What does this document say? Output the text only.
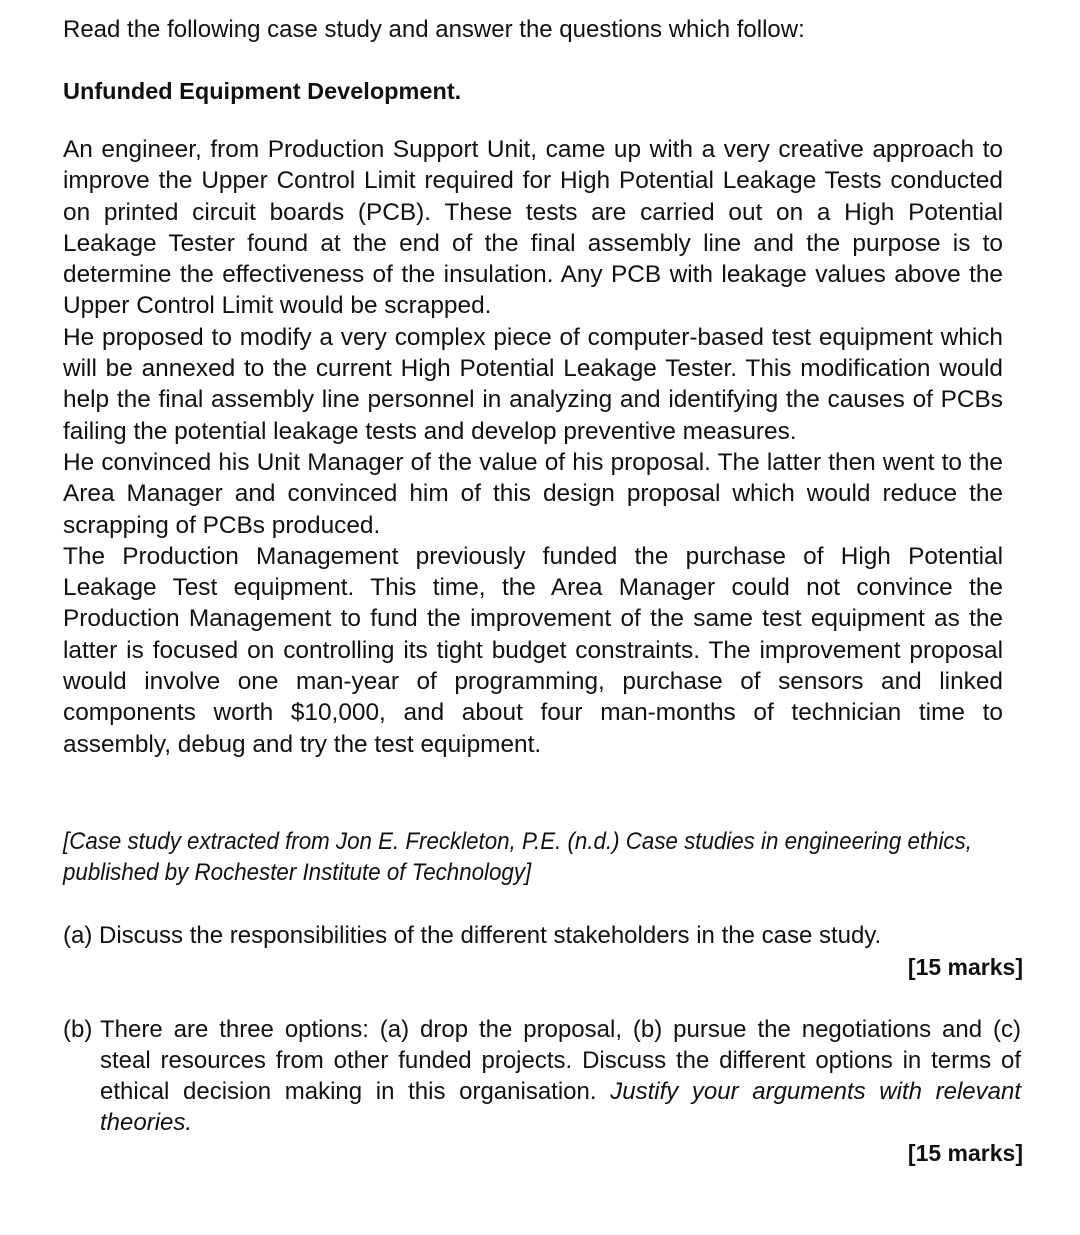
Read the following case study and answer the questions which follow:
Unfunded Equipment Development.

An engineer, from Production Support Unit, came up with a very creative approach to improve the Upper Control Limit required for High Potential Leakage Tests conducted on printed circuit boards (PCB). These tests are carried out on a High Potential Leakage Tester found at the end of the final assembly line and the purpose is to determine the effectiveness of the insulation. Any PCB with leakage values above the Upper Control Limit would be scrapped.

He proposed to modify a very complex piece of computer-based test equipment which will be annexed to the current High Potential Leakage Tester. This modification would help the final assembly line personnel in analyzing and identifying the causes of PCBs failing the potential leakage tests and develop preventive measures.

He convinced his Unit Manager of the value of his proposal. The latter then went to the Area Manager and convinced him of this design proposal which would reduce the scrapping of PCBs produced.

The Production Management previously funded the purchase of High Potential Leakage Test equipment. This time, the Area Manager could not convince the Production Management to fund the improvement of the same test equipment as the latter is focused on controlling its tight budget constraints. The improvement proposal would involve one man-year of programming, purchase of sensors and linked components worth $10,000, and about four man-months of technician time to assembly, debug and try the test equipment.

[Case study extracted from Jon E. Freckleton, P.E. (n.d.) Case studies in engineering ethics, published by Rochester Institute of Technology]

(a) Discuss the responsibilities of the different stakeholders in the case study.
[15 marks]
(b) There are three options: (a) drop the proposal, (b) pursue the negotiations and (c) steal resources from other funded projects. Discuss the different options in terms of ethical decision making in this organisation. Justify your arguments with relevant theories.
[15 marks]
